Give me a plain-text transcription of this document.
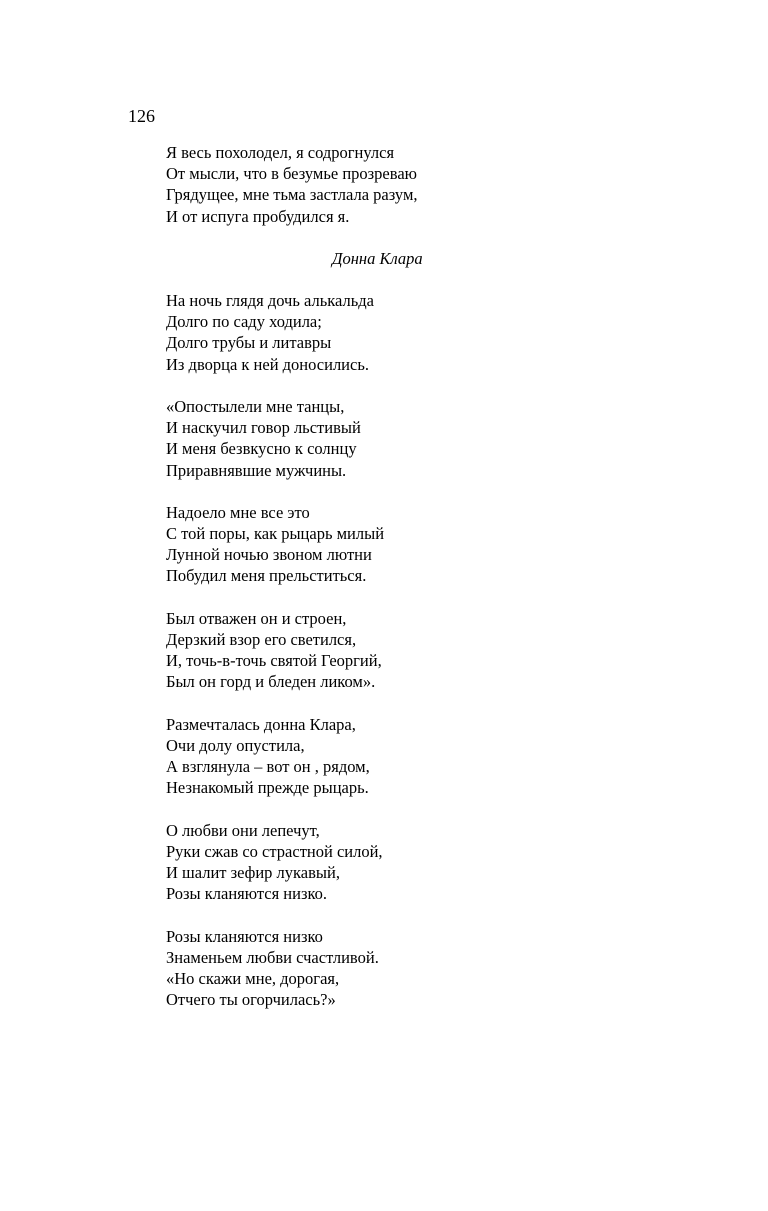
126
Я весь похолодел, я содрогнулся
От мысли, что в безумье прозреваю
Грядущее, мне тьма застлала разум,
И от испуга пробудился я.
Донна Клара
На ночь глядя дочь алькальда
Долго по саду ходила;
Долго трубы и литавры
Из дворца к ней доносились.
«Опостылели мне танцы,
И наскучил говор льстивый
И меня безвкусно к солнцу
Приравнявшие мужчины.
Надоело мне все это
С той поры, как рыцарь милый
Лунной ночью звоном лютни
Побудил меня прельститься.
Был отважен он и строен,
Дерзкий взор его светился,
И, точь-в-точь святой Георгий,
Был он горд и бледен ликом».
Размечталась донна Клара,
Очи долу опустила,
А взглянула – вот он , рядом,
Незнакомый прежде рыцарь.
О любви они лепечут,
Руки сжав со страстной силой,
И шалит зефир лукавый,
Розы кланяются низко.
Розы кланяются низко
Знаменьем любви счастливой.
«Но скажи мне, дорогая,
Отчего ты огорчилась?»
